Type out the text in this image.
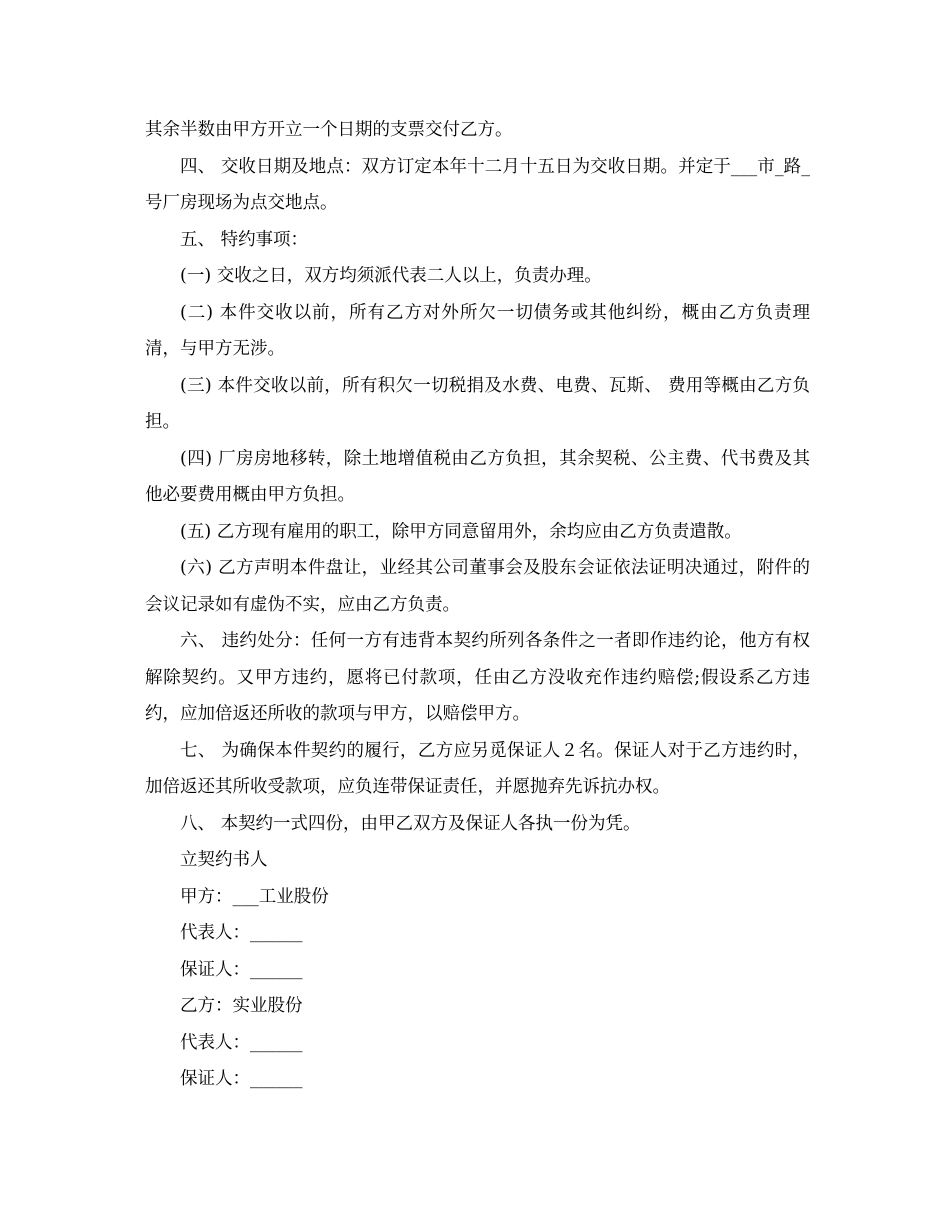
其余半数由甲方开立一个日期的支票交付乙方。

四、 交收日期及地点：双方订定本年十二月十五日为交收日期。并定于___市_路_号厂房现场为点交地点。

五、 特约事项：

(一) 交收之日，双方均须派代表二人以上，负责办理。

(二) 本件交收以前，所有乙方对外所欠一切债务或其他纠纷，概由乙方负责理清，与甲方无涉。

(三) 本件交收以前，所有积欠一切税捐及水费、电费、瓦斯、 费用等概由乙方负担。

(四) 厂房房地移转，除土地增值税由乙方负担，其余契税、公主费、代书费及其他必要费用概由甲方负担。

(五) 乙方现有雇用的职工，除甲方同意留用外，余均应由乙方负责遣散。

(六) 乙方声明本件盘让，业经其公司董事会及股东会证依法证明决通过，附件的会议记录如有虚伪不实，应由乙方负责。

六、 违约处分：任何一方有违背本契约所列各条件之一者即作违约论，他方有权解除契约。又甲方违约，愿将已付款项，任由乙方没收充作违约赔偿;假设系乙方违约，应加倍返还所收的款项与甲方，以赔偿甲方。

七、 为确保本件契约的履行，乙方应另觅保证人２名。保证人对于乙方违约时，加倍返还其所收受款项，应负连带保证责任，并愿抛弃先诉抗办权。

八、 本契约一式四份，由甲乙双方及保证人各执一份为凭。

立契约书人

甲方：___工业股份

代表人：______

保证人：______

乙方：实业股份

代表人：______

保证人：______
